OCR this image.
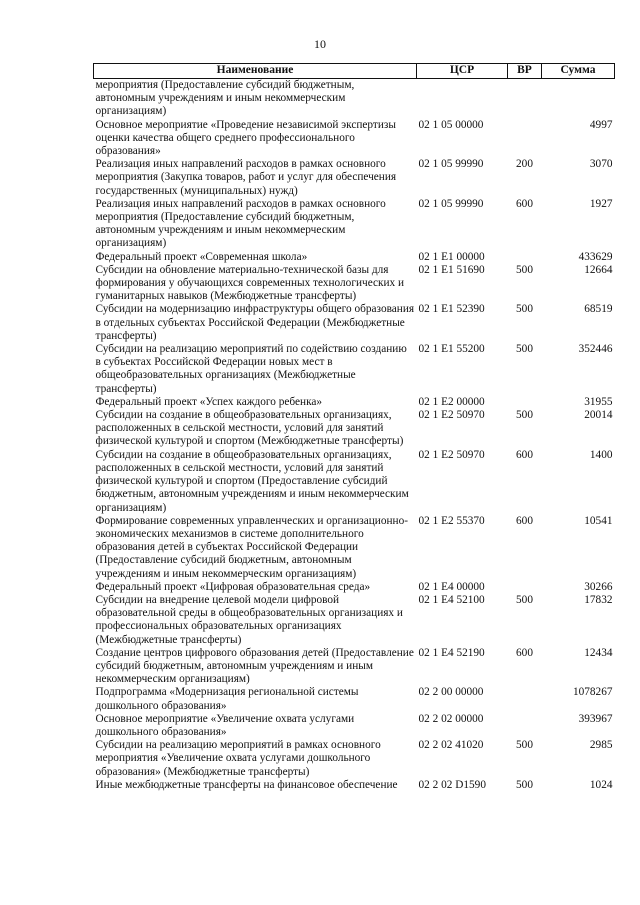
10
Наименование	ЦСР	ВР	Сумма
мероприятия (Предоставление субсидий бюджетным, автономным учреждениям и иным некоммерческим организациям)			
Основное мероприятие «Проведение независимой экспертизы оценки качества общего среднего профессионального образования»	02 1 05 00000		4997
Реализация иных направлений расходов в рамках основного мероприятия (Закупка товаров, работ и услуг для обеспечения государственных (муниципальных) нужд)	02 1 05 99990	200	3070
Реализация иных направлений расходов в рамках основного мероприятия (Предоставление субсидий бюджетным, автономным учреждениям и иным некоммерческим организациям)	02 1 05 99990	600	1927
Федеральный проект «Современная школа»	02 1 E1 00000		433629
Субсидии на обновление материально-технической базы для формирования у обучающихся современных технологических и гуманитарных навыков (Межбюджетные трансферты)	02 1 E1 51690	500	12664
Субсидии на модернизацию инфраструктуры общего образования в отдельных субъектах Российской Федерации (Межбюджетные трансферты)	02 1 E1 52390	500	68519
Субсидии на реализацию мероприятий по содействию созданию в субъектах Российской Федерации новых мест в общеобразовательных организациях (Межбюджетные трансферты)	02 1 E1 55200	500	352446
Федеральный проект «Успех каждого ребенка»	02 1 E2 00000		31955
Субсидии на создание в общеобразовательных организациях, расположенных в сельской местности, условий для занятий физической культурой и спортом (Межбюджетные трансферты)	02 1 E2 50970	500	20014
Субсидии на создание в общеобразовательных организациях, расположенных в сельской местности, условий для занятий физической культурой и спортом (Предоставление субсидий бюджетным, автономным учреждениям и иным некоммерческим организациям)	02 1 E2 50970	600	1400
Формирование современных управленческих и организационно-экономических механизмов в системе дополнительного образования детей в субъектах Российской Федерации (Предоставление субсидий бюджетным, автономным учреждениям и иным некоммерческим организациям)	02 1 E2 55370	600	10541
Федеральный проект «Цифровая образовательная среда»	02 1 E4 00000		30266
Субсидии на внедрение целевой модели цифровой образовательной среды в общеобразовательных организациях и профессиональных образовательных организациях (Межбюджетные трансферты)	02 1 E4 52100	500	17832
Создание центров цифрового образования детей (Предоставление субсидий бюджетным, автономным учреждениям и иным некоммерческим организациям)	02 1 E4 52190	600	12434
Подпрограмма «Модернизация региональной системы дошкольного образования»	02 2 00 00000		1078267
Основное мероприятие «Увеличение охвата услугами дошкольного образования»	02 2 02 00000		393967
Субсидии на реализацию мероприятий в рамках основного мероприятия «Увеличение охвата услугами дошкольного образования» (Межбюджетные трансферты)	02 2 02 41020	500	2985
Иные межбюджетные трансферты на финансовое обеспечение	02 2 02 D1590	500	1024
